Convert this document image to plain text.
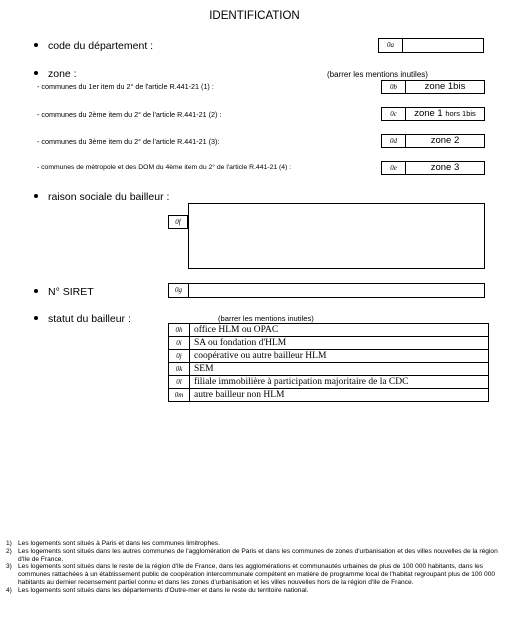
IDENTIFICATION
code du département :	0a
zone :	(barrer les mentions inutiles)
- communes du 1er item du 2° de l'article R.441-21 (1) :	0b	zone 1bis
- communes du 2ème item du 2° de l'article R.441-21 (2) :	0c	zone 1 hors 1bis
- communes du 3ème item du 2° de l'article R.441-21 (3):	0d	zone 2
- communes de métropole et des DOM du 4ème item du 2° de l'article R.441-21 (4) :	0e	zone 3
raison sociale du bailleur :
0f
N° SIRET	0g
statut du bailleur :	(barrer les mentions inutiles)
0h	office HLM ou OPAC
0i	SA ou fondation d'HLM
0j	coopérative ou autre bailleur HLM
0k	SEM
0l	filiale immobilière à participation majoritaire de la CDC
0m	autre bailleur non HLM
1) Les logements sont situés à Paris et dans les communes limitrophes.
2) Les logements sont situés dans les autres communes de l'agglomération de Paris et dans les communes de zones d'urbanisation et des villes nouvelles de la région d'Ile de France.
3) Les logements sont situés dans le reste de la région d'Ile de France, dans les agglomérations et communautés urbaines de plus de 100 000 habitants, dans les communes rattachées à un établissement public de coopération intercommunale compétent en matière de programme local de l'habitat regroupant plus de 100 000 habitants au dernier recensement partiel connu et dans les zones d'urbanisation et les villes nouvelles hors de la région d'Ile de France.
4) Les logements sont situés dans les départements d'Outre-mer et dans le reste du territoire national.
